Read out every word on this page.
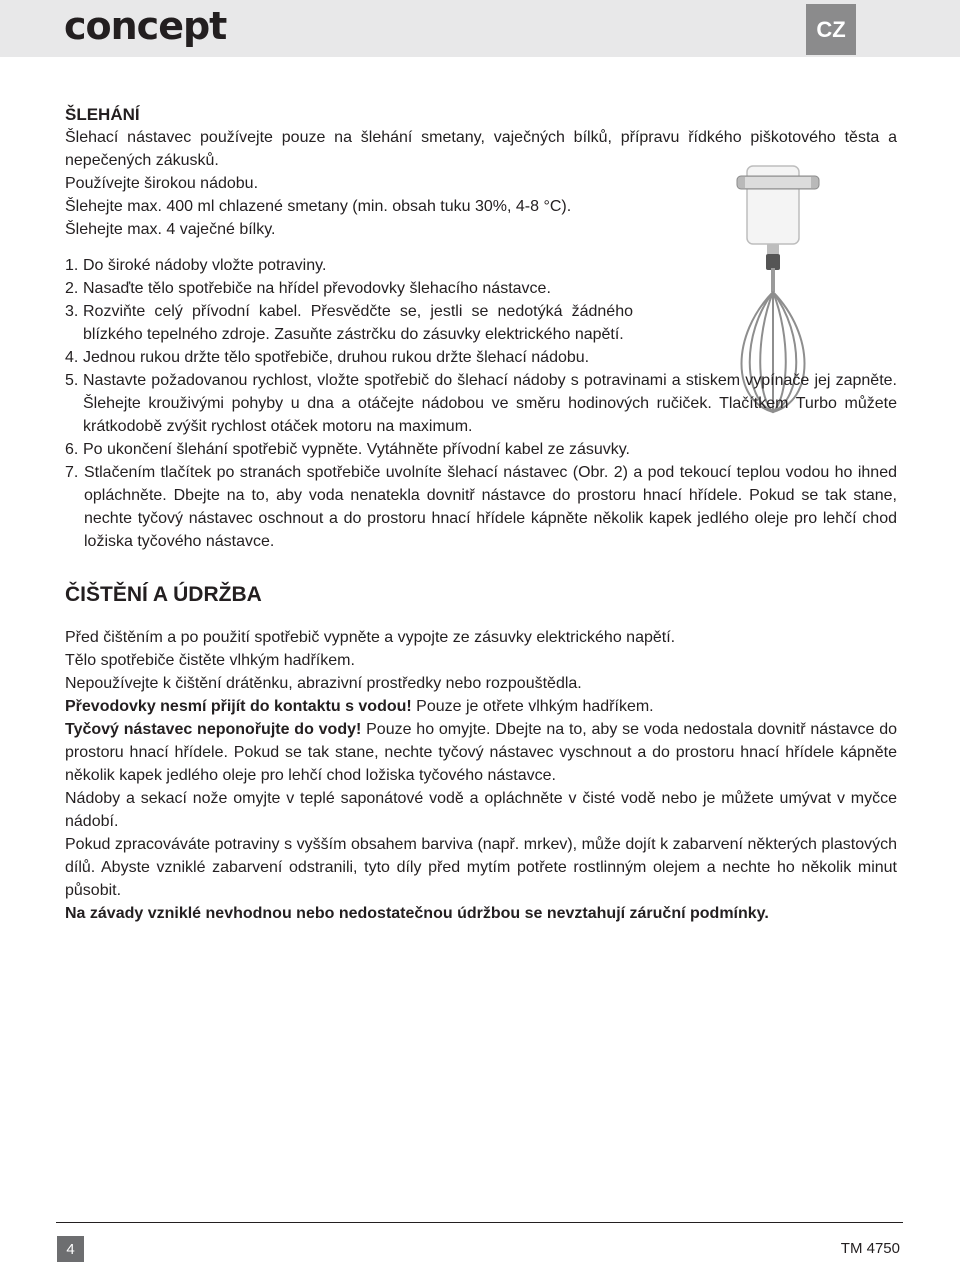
concept	CZ
ŠLEHÁNÍ

Šlehací nástavec používejte pouze na šlehání smetany, vaječných bílků, přípravu řídkého piškotového těsta a nepečených zákusků.

Používejte širokou nádobu.

Šlehejte max. 400 ml chlazené smetany (min. obsah tuku 30%, 4-8 °C).

Šlehejte max. 4 vaječné bílky.

1. Do široké nádoby vložte potraviny.
2. Nasaďte tělo spotřebiče na hřídel převodovky šlehacího nástavce.
3. Rozviňte celý přívodní kabel. Přesvědčte se, jestli se nedotýká žádného blízkého tepelného zdroje. Zasuňte zástrčku do zásuvky elektrického napětí.
4. Jednou rukou držte tělo spotřebiče, druhou rukou držte šlehací nádobu.
5. Nastavte požadovanou rychlost, vložte spotřebič do šlehací nádoby s potravinami a stiskem vypínače jej zapněte. Šlehejte krouživými pohyby u dna a otáčejte nádobou ve směru hodinových ručiček. Tlačítkem Turbo můžete krátkodobě zvýšit rychlost otáček motoru na maximum.
6. Po ukončení šlehání spotřebič vypněte. Vytáhněte přívodní kabel ze zásuvky.
7. Stlačením tlačítek po stranách spotřebiče uvolníte šlehací nástavec (Obr. 2) a pod tekoucí teplou vodou ho ihned opláchněte. Dbejte na to, aby voda nenatekla dovnitř nástavce do prostoru hnací hřídele. Pokud se tak stane, nechte tyčový nástavec oschnout a do prostoru hnací hřídele kápněte několik kapek jedlého oleje pro lehčí chod ložiska tyčového nástavce.
ČIŠTĚNÍ A ÚDRŽBA

Před čištěním a po použití spotřebič vypněte a vypojte ze zásuvky elektrického napětí.

Tělo spotřebiče čistěte vlhkým hadříkem.

Nepoužívejte k čištění drátěnku, abrazivní prostředky nebo rozpouštědla.

Převodovky nesmí přijít do kontaktu s vodou! Pouze je otřete vlhkým hadříkem.

Tyčový nástavec neponořujte do vody! Pouze ho omyjte. Dbejte na to, aby se voda nedostala dovnitř nástavce do prostoru hnací hřídele. Pokud se tak stane, nechte tyčový nástavec vyschnout a do prostoru hnací hřídele kápněte několik kapek jedlého oleje pro lehčí chod ložiska tyčového nástavce.

Nádoby a sekací nože omyjte v teplé saponátové vodě a opláchněte v čisté vodě nebo je můžete umývat v myčce nádobí.

Pokud zpracováváte potraviny s vyšším obsahem barviva (např. mrkev), může dojít k zabarvení některých plastových dílů. Abyste vzniklé zabarvení odstranili, tyto díly před mytím potřete rostlinným olejem a nechte ho několik minut působit.

Na závady vzniklé nevhodnou nebo nedostatečnou údržbou se nevztahují záruční podmínky.

4	TM 4750
